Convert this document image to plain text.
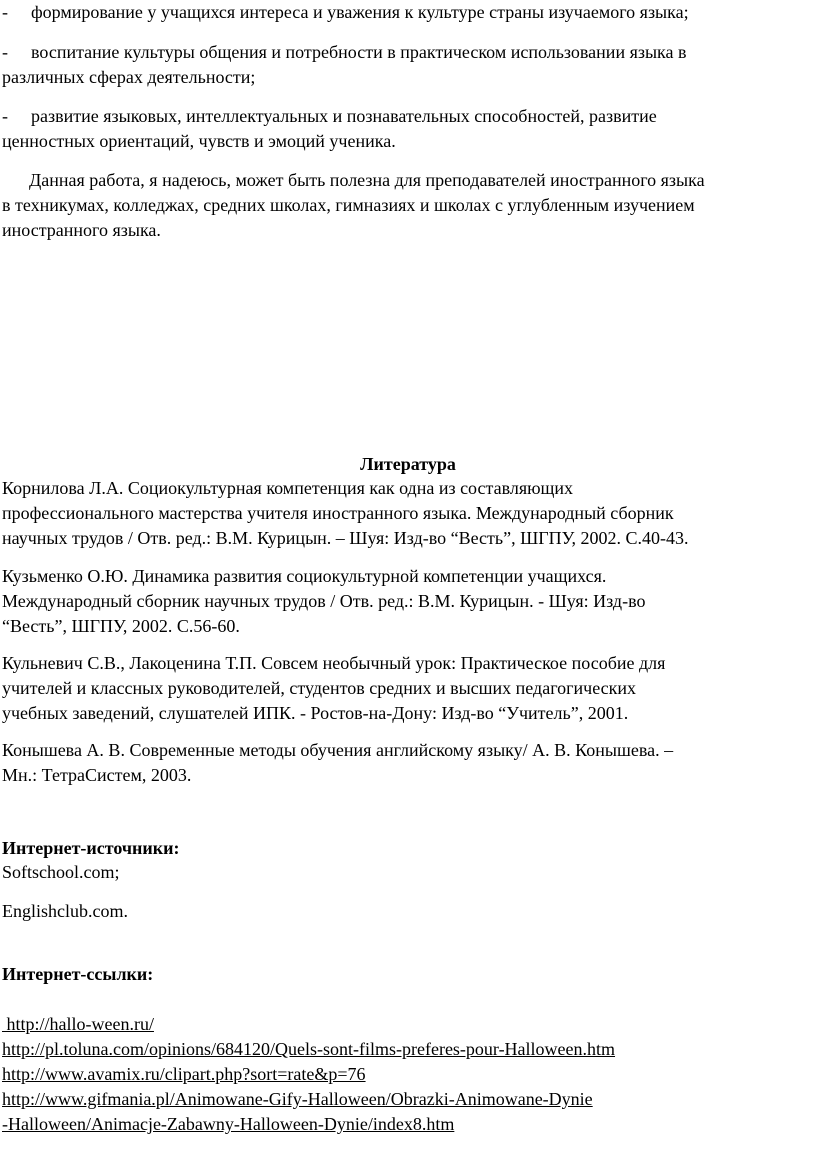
- формирование у учащихся интереса и уважения к культуре страны изучаемого языка;

- воспитание культуры общения и потребности в практическом использовании языка в
различных сферах деятельности;

- развитие языковых, интеллектуальных и познавательных способностей, развитие
ценностных ориентаций, чувств и эмоций ученика.

Данная работа, я надеюсь, может быть полезна для преподавателей иностранного языка
в техникумах, колледжах, средних школах, гимназиях и школах с углубленным изучением
иностранного языка.

Литература

Корнилова Л.А. Социокультурная компетенция как одна из составляющих
профессионального мастерства учителя иностранного языка. Международный сборник
научных трудов / Отв. ред.: В.М. Курицын. – Шуя: Изд-во “Весть”, ШГПУ, 2002. С.40-43.

Кузьменко О.Ю. Динамика развития социокультурной компетенции учащихся.
Международный сборник научных трудов / Отв. ред.: В.М. Курицын. - Шуя: Изд-во
“Весть”, ШГПУ, 2002. С.56-60.

Кульневич С.В., Лакоценина Т.П. Совсем необычный урок: Практическое пособие для
учителей и классных руководителей, студентов средних и высших педагогических
учебных заведений, слушателей ИПК. - Ростов-на-Дону: Изд-во “Учитель”, 2001.

Конышева А. В. Современные методы обучения английскому языку/ А. В. Конышева. –
Мн.: ТетраСистем, 2003.

Интернет-источники:

Softschool.com;

Englishclub.com.

Интернет-ссылки:

http://hallo-ween.ru/
http://pl.toluna.com/opinions/684120/Quels-sont-films-preferes-pour-Halloween.htm
http://www.avamix.ru/clipart.php?sort=rate&p=76
http://www.gifmania.pl/Animowane-Gify-Halloween/Obrazki-Animowane-Dynie
-Halloween/Animacje-Zabawny-Halloween-Dynie/index8.htm
